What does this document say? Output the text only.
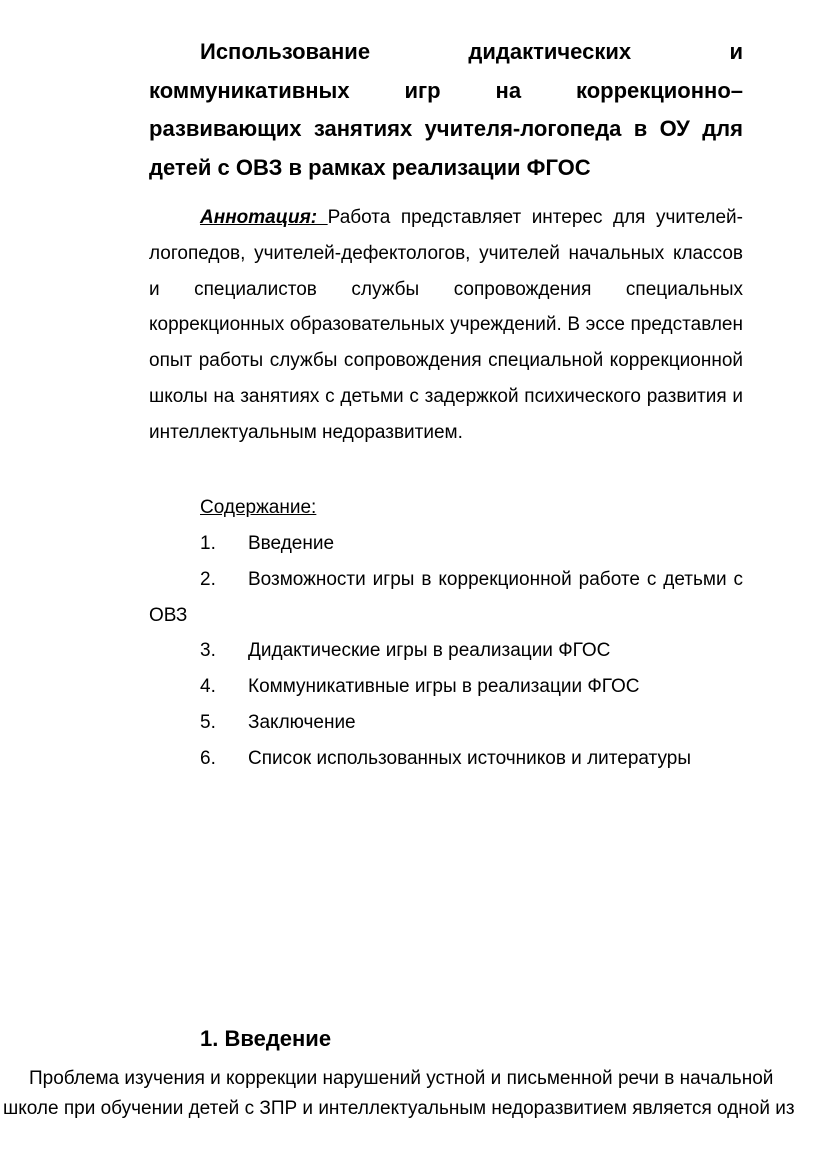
Использование дидактических и коммуникативных игр на коррекционно–развивающих занятиях учителя-логопеда в ОУ для детей с ОВЗ в рамках реализации ФГОС

Аннотация: Работа представляет интерес для учителей-логопедов, учителей-дефектологов, учителей начальных классов и специалистов службы сопровождения специальных коррекционных образовательных учреждений. В эссе представлен опыт работы службы сопровождения специальной коррекционной школы на занятиях с детьми с задержкой психического развития и интеллектуальным недоразвитием.

Содержание:

1. Введение
2. Возможности игры в коррекционной работе с детьми с ОВЗ
3. Дидактические игры в реализации ФГОС
4. Коммуникативные игры в реализации ФГОС
5. Заключение
6. Список использованных источников и литературы
1. Введение

Проблема изучения и коррекции нарушений устной и письменной речи в начальной школе при обучении детей с ЗПР и интеллектуальным недоразвитием является одной из
